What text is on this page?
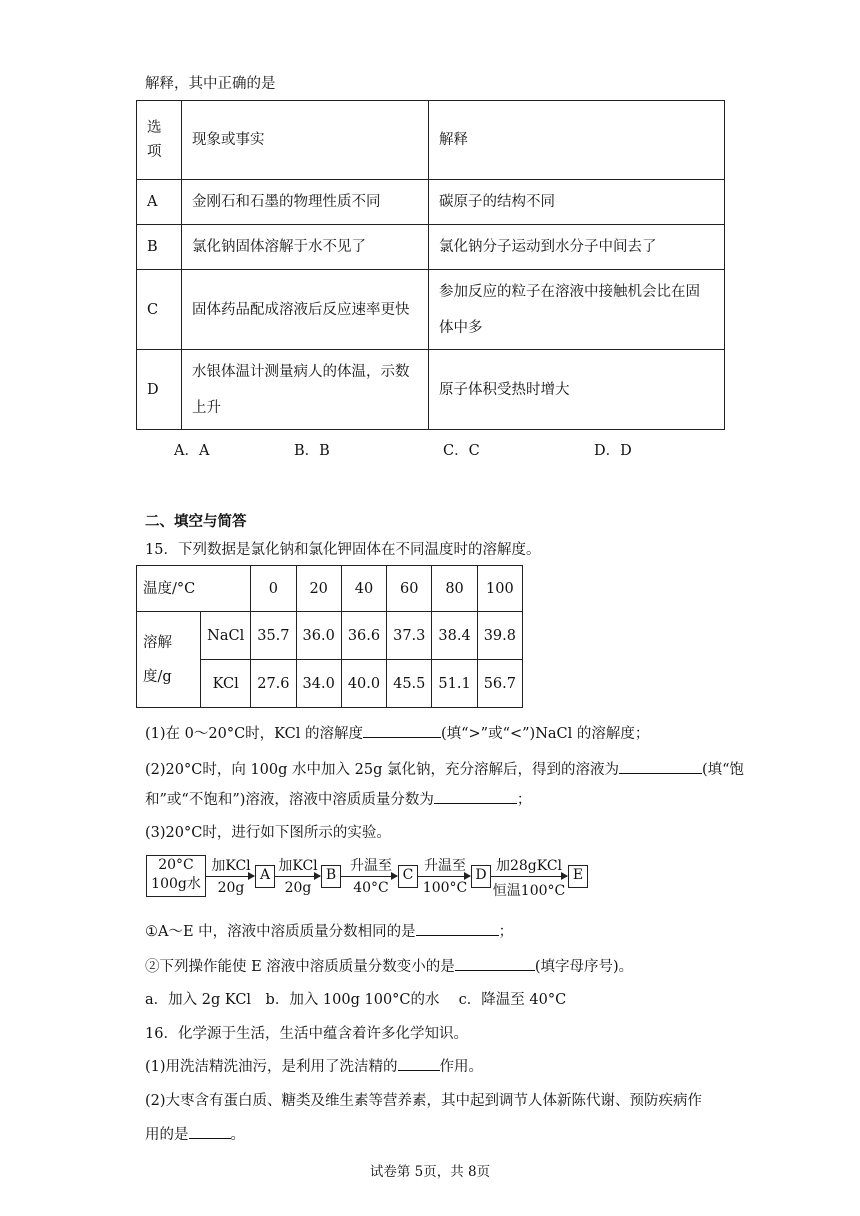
解释，其中正确的是
选项	现象或事实	解释
A	金刚石和石墨的物理性质不同	碳原子的结构不同
B	氯化钠固体溶解于水不见了	氯化钠分子运动到水分子中间去了
C	固体药品配成溶液后反应速率更快	参加反应的粒子在溶液中接触机会比在固体中多
D	水银体温计测量病人的体温，示数上升	原子体积受热时增大
A．A	B．B	C．C	D．D
二、填空与简答
15．下列数据是氯化钠和氯化钾固体在不同温度时的溶解度。
温度/°C		0	20	40	60	80	100
溶解度/g	NaCl	35.7	36.0	36.6	37.3	38.4	39.8
	KCl	27.6	34.0	40.0	45.5	51.1	56.7
(1)在 0～20°C时，KCl 的溶解度	(填“>”或“<”)NaCl 的溶解度；
(2)20°C时，向 100g 水中加入 25g 氯化钠，充分溶解后，得到的溶液为	(填“饱
和”或“不饱和”)溶液，溶液中溶质质量分数为	；
(3)20°C时，进行如下图所示的实验。
20°C
100g水
加KCl
20g
A
加KCl
20g
B
升温至
40°C
C
升温至
100°C
D
加28gKCl
恒温100°C
E
①A～E 中，溶液中溶质质量分数相同的是	；
②下列操作能使 E 溶液中溶质质量分数变小的是	(填字母序号)。
a．加入 2g KCl　b．加入 100g 100°C的水　 c．降温至 40°C
16．化学源于生活，生活中蕴含着许多化学知识。
(1)用洗洁精洗油污，是利用了洗洁精的	作用。
(2)大枣含有蛋白质、糖类及维生素等营养素，其中起到调节人体新陈代谢、预防疾病作
用的是	。
试卷第 5页，共 8页
